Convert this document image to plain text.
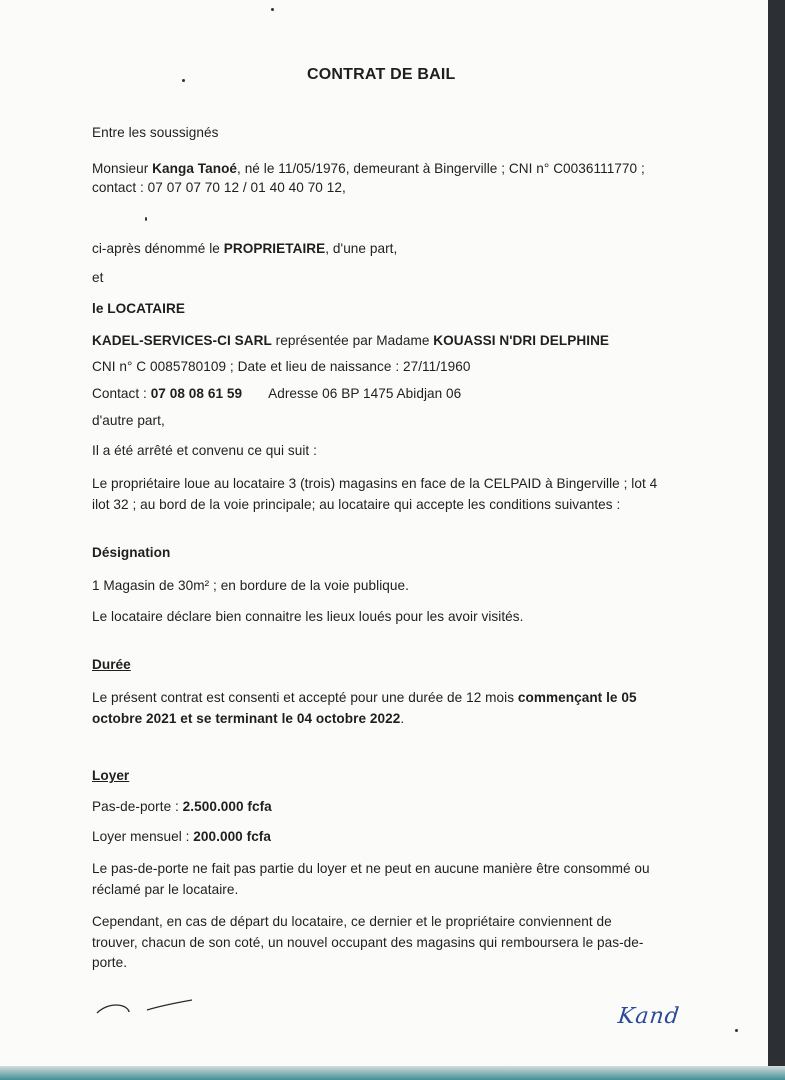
CONTRAT DE BAIL
Entre les soussignés
Monsieur Kanga Tanoé, né le 11/05/1976, demeurant à Bingerville ; CNI n° C0036111770 ;
contact : 07 07 07 70 12 / 01 40 40 70 12,
ci-après dénommé le PROPRIETAIRE, d'une part,
et
le LOCATAIRE
KADEL-SERVICES-CI SARL représentée par Madame KOUASSI N'DRI DELPHINE
CNI n° C 0085780109 ; Date et lieu de naissance : 27/11/1960
Contact : 07 08 08 61 59 Adresse 06 BP 1475 Abidjan 06
d'autre part,
Il a été arrêté et convenu ce qui suit :
Le propriétaire loue au locataire 3 (trois) magasins en face de la CELPAID à Bingerville ; lot 4
ilot 32 ; au bord de la voie principale; au locataire qui accepte les conditions suivantes :
Désignation
1 Magasin de 30m² ; en bordure de la voie publique.
Le locataire déclare bien connaitre les lieux loués pour les avoir visités.
Durée
Le présent contrat est consenti et accepté pour une durée de 12 mois commençant le 05
octobre 2021 et se terminant le 04 octobre 2022.
Loyer
Pas-de-porte : 2.500.000 fcfa
Loyer mensuel : 200.000 fcfa
Le pas-de-porte ne fait pas partie du loyer et ne peut en aucune manière être consommé ou
réclamé par le locataire.
Cependant, en cas de départ du locataire, ce dernier et le propriétaire conviennent de
trouver, chacun de son coté, un nouvel occupant des magasins qui remboursera le pas-de-
porte.
Kand
